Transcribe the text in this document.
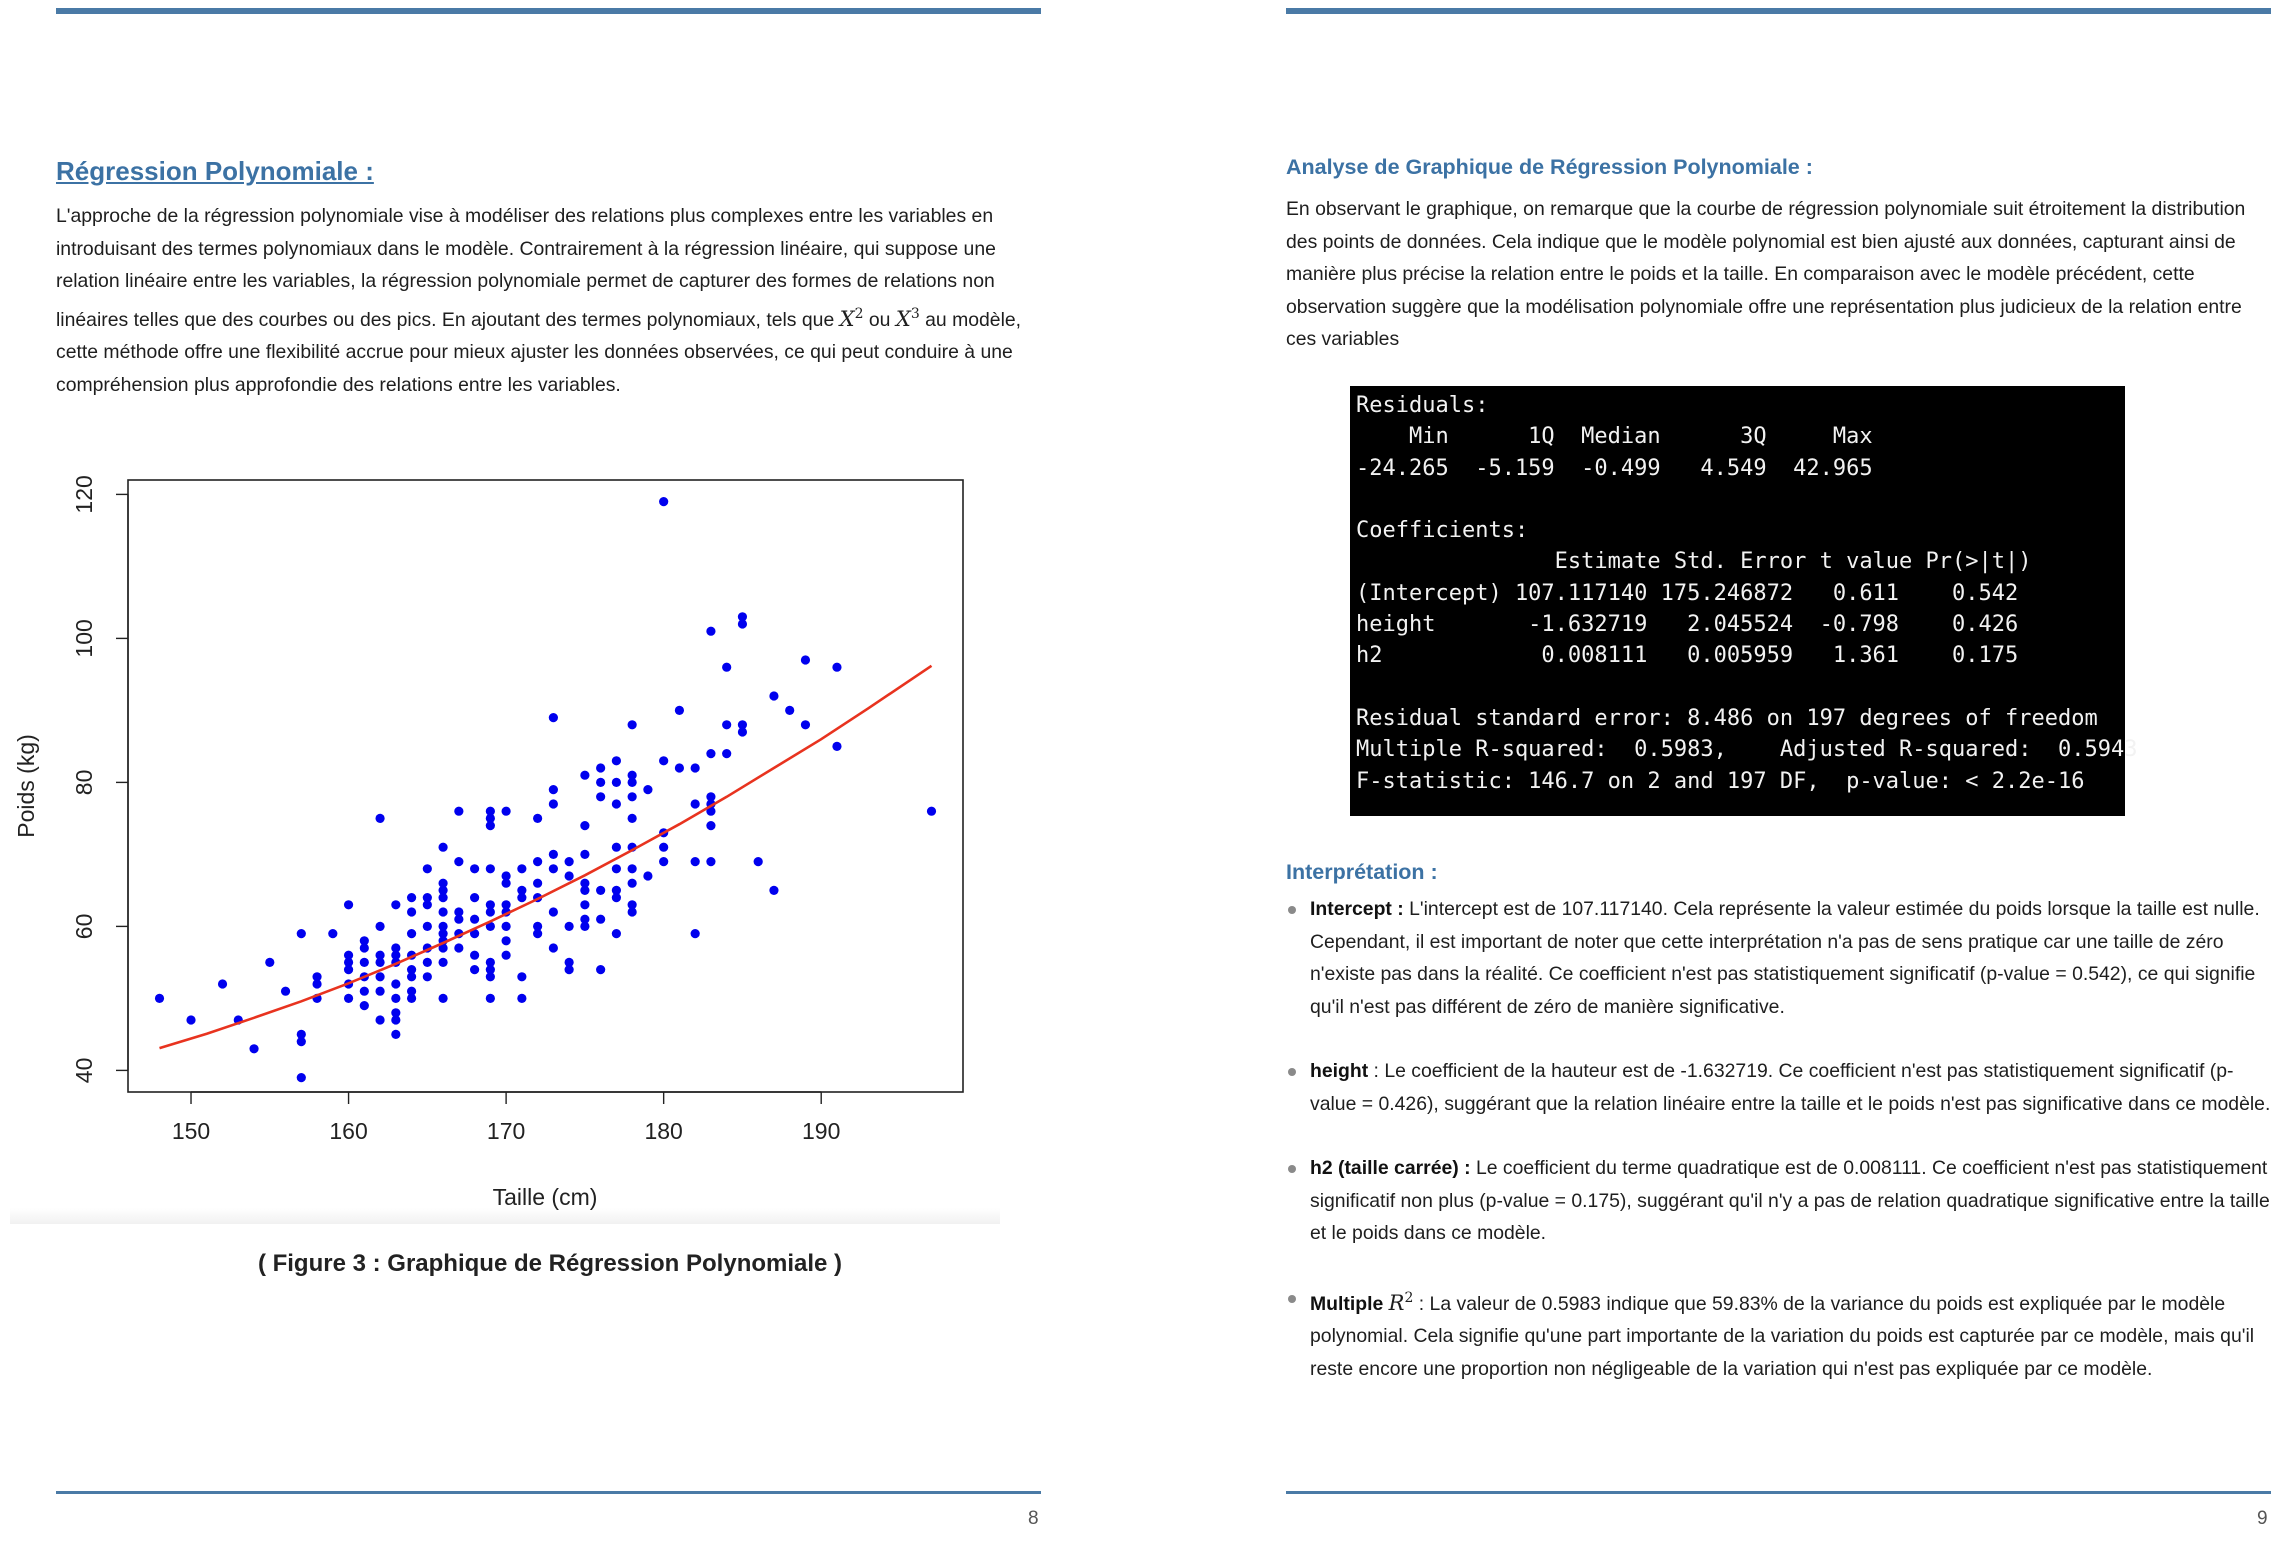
Régression Polynomiale :

L'approche de la régression polynomiale vise à modéliser des relations plus complexes entre les variables en introduisant des termes polynomiaux dans le modèle. Contrairement à la régression linéaire, qui suppose une relation linéaire entre les variables, la régression polynomiale permet de capturer des formes de relations non linéaires telles que des courbes ou des pics. En ajoutant des termes polynomiaux, tels que $X^2$ ou $X^3$ au modèle, cette méthode offre une flexibilité accrue pour mieux ajuster les données observées, ce qui peut conduire à une compréhension plus approfondie des relations entre les variables.

150	160	170	180	190
40
60
80
100
120
Taille (cm)
Poids (kg)

( Figure 3 : Graphique de Régression Polynomiale )

8
Analyse de Graphique de Régression Polynomiale :

En observant le graphique, on remarque que la courbe de régression polynomiale suit étroitement la distribution des points de données. Cela indique que le modèle polynomial est bien ajusté aux données, capturant ainsi de manière plus précise la relation entre le poids et la taille. En comparaison avec le modèle précédent, cette observation suggère que la modélisation polynomiale offre une représentation plus judicieux de la relation entre ces variables

Residuals:
Min      1Q  Median      3Q     Max
-24.265  -5.159  -0.499   4.549  42.965

Coefficients:
Estimate Std. Error t value Pr(>|t|)
(Intercept) 107.117140 175.246872   0.611    0.542
height       -1.632719   2.045524  -0.798    0.426
h2            0.008111   0.005959   1.361    0.175

Residual standard error: 8.486 on 197 degrees of freedom
Multiple R-squared:  0.5983,	Adjusted R-squared:  0.5943
F-statistic: 146.7 on 2 and 197 DF,  p-value: < 2.2e-16
Interprétation :
Intercept : L'intercept est de 107.117140. Cela représente la valeur estimée du poids lorsque la taille est nulle. Cependant, il est important de noter que cette interprétation n'a pas de sens pratique car une taille de zéro n'existe pas dans la réalité. Ce coefficient n'est pas statistiquement significatif (p-value = 0.542), ce qui signifie qu'il n'est pas différent de zéro de manière significative.
height : Le coefficient de la hauteur est de -1.632719. Ce coefficient n'est pas statistiquement significatif (p-value = 0.426), suggérant que la relation linéaire entre la taille et le poids n'est pas significative dans ce modèle.
h2 (taille carrée) : Le coefficient du terme quadratique est de 0.008111. Ce coefficient n'est pas statistiquement significatif non plus (p-value = 0.175), suggérant qu'il n'y a pas de relation quadratique significative entre la taille et le poids dans ce modèle.
Multiple $R^2$ : La valeur de 0.5983 indique que 59.83% de la variance du poids est expliquée par le modèle polynomial. Cela signifie qu'une part importante de la variation du poids est capturée par ce modèle, mais qu'il reste encore une proportion non négligeable de la variation qui n'est pas expliquée par ce modèle.
9
